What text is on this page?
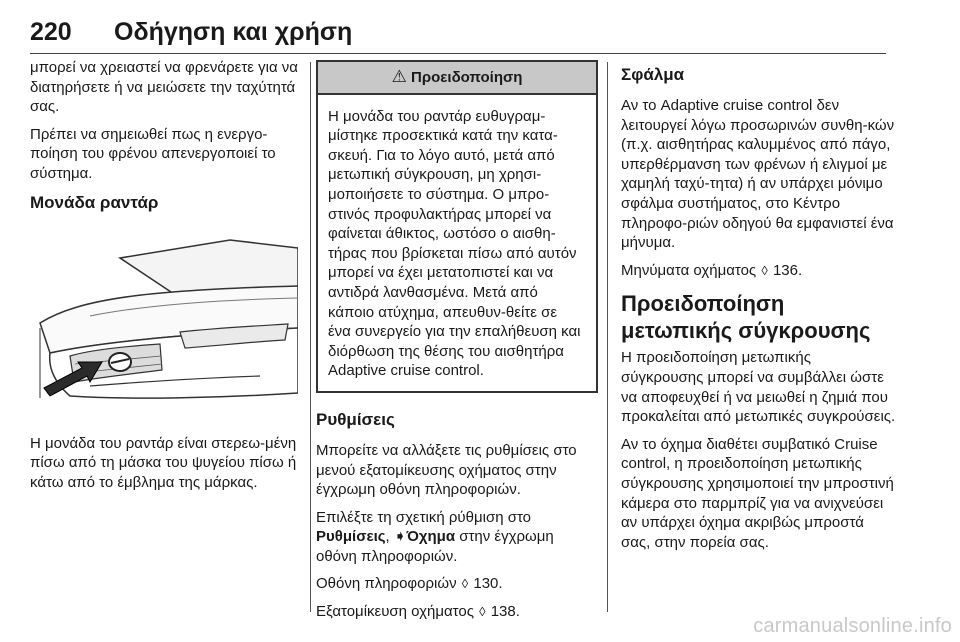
220 Οδήγηση και χρήση

μπορεί να χρειαστεί να φρενάρετε για να διατηρήσετε ή να μειώσετε την ταχύτητά σας.

Πρέπει να σημειωθεί πως η ενεργο-ποίηση του φρένου απενεργοποιεί το σύστημα.

Μονάδα ραντάρ

Η μονάδα του ραντάρ είναι στερεω-μένη πίσω από τη μάσκα του ψυγείου πίσω ή κάτω από το έμβλημα της μάρκας.

⚠ Προειδοποίηση
Η μονάδα του ραντάρ ευθυγραμ-μίστηκε προσεκτικά κατά την κατα-σκευή. Για το λόγο αυτό, μετά από μετωπική σύγκρουση, μη χρησι-μοποιήσετε το σύστημα. Ο μπρο-στινός προφυλακτήρας μπορεί να φαίνεται άθικτος, ωστόσο ο αισθη-τήρας που βρίσκεται πίσω από αυτόν μπορεί να έχει μετατοπιστεί και να αντιδρά λανθασμένα. Μετά από κάποιο ατύχημα, απευθυν-θείτε σε ένα συνεργείο για την επαλήθευση και διόρθωση της θέσης του αισθητήρα Adaptive cruise control.
Ρυθμίσεις

Μπορείτε να αλλάξετε τις ρυθμίσεις στο μενού εξατομίκευσης οχήματος στην έγχρωμη οθόνη πληροφοριών.

Επιλέξτε τη σχετική ρύθμιση στο Ρυθμίσεις, ➧Όχημα στην έγχρωμη οθόνη πληροφοριών.

Οθόνη πληροφοριών ◊ 130.

Εξατομίκευση οχήματος ◊ 138.

Σφάλμα

Αν το Adaptive cruise control δεν λειτουργεί λόγω προσωρινών συνθη-κών (π.χ. αισθητήρας καλυμμένος από πάγο, υπερθέρμανση των φρένων ή ελιγμοί με χαμηλή ταχύ-τητα) ή αν υπάρχει μόνιμο σφάλμα συστήματος, στο Κέντρο πληροφο-ριών οδηγού θα εμφανιστεί ένα μήνυμα.

Μηνύματα οχήματος ◊ 136.

Προειδοποίηση μετωπικής σύγκρουσης

Η προειδοποίηση μετωπικής σύγκρουσης μπορεί να συμβάλλει ώστε να αποφευχθεί ή να μειωθεί η ζημιά που προκαλείται από μετωπικές συγκρούσεις.

Αν το όχημα διαθέτει συμβατικό Cruise control, η προειδοποίηση μετωπικής σύγκρουσης χρησιμοποιεί την μπροστινή κάμερα στο παρμπρίζ για να ανιχνεύσει αν υπάρχει όχημα ακριβώς μπροστά σας, στην πορεία σας.

carmanualsonline.info
